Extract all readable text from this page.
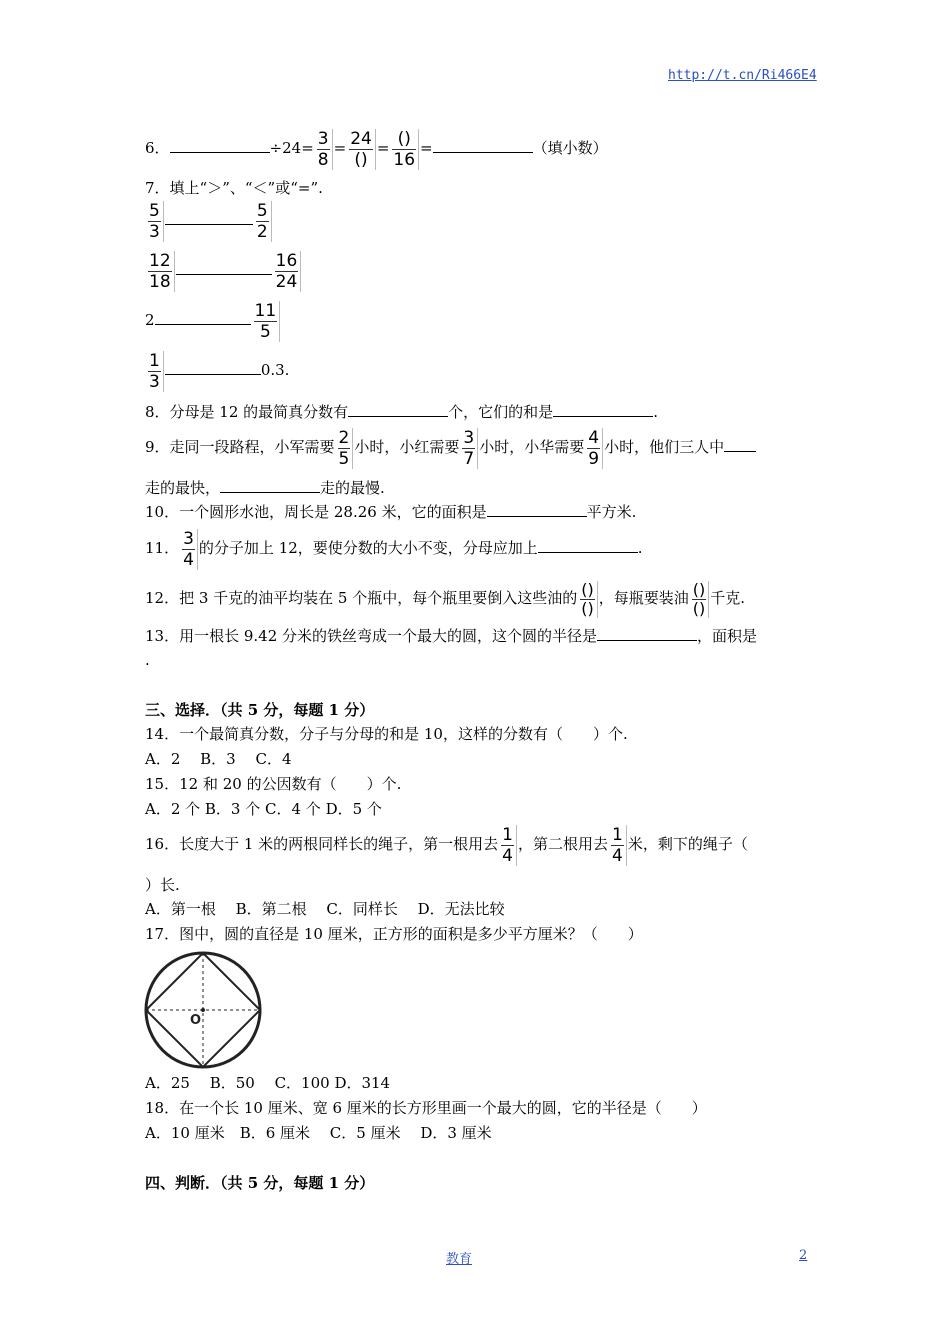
http://t.cn/Ri466E4
6．	$\div 24= \frac{3}{8} = \frac{24}{()} = \frac{()}{16}$ =	（填小数）
7．填上“＞”、“＜”或“=”.
$\frac{5}{3}$	$\frac{5}{2}$
$\frac{12}{18}$	$\frac{16}{24}$
2	$\frac{11}{5}$
$\frac{1}{3}$	0.3.
8．分母是 12 的最简真分数有	个，它们的和是	.
9．走同一段路程，小军需要 $\frac{2}{5}$ 小时，小红需要 $\frac{3}{7}$ 小时，小华需要 $\frac{4}{9}$ 小时，他们三人中
走的最快，	走的最慢.
10．一个圆形水池，周长是 28.26 米，它的面积是	平方米.
11． $\frac{3}{4}$ 的分子加上 12，要使分数的大小不变，分母应加上	.
12．把 3 千克的油平均装在 5 个瓶中，每个瓶里要倒入这些油的 $\frac{()}{()}$ ，每瓶要装油 $\frac{()}{()}$ 千克.
13．用一根长 9.42 分米的铁丝弯成一个最大的圆，这个圆的半径是	，面积是
.
三、选择．（共 5 分，每题 1 分）
14．一个最简真分数，分子与分母的和是 10，这样的分数有（　　）个.
A．2　 B．3　 C．4
15．12 和 20 的公因数有（　　）个.
A．2 个 B．3 个 C．4 个 D．5 个
16．长度大于 1 米的两根同样长的绳子，第一根用去 $\frac{1}{4}$ ，第二根用去 $\frac{1}{4}$ 米，剩下的绳子（
）长.
A．第一根　 B．第二根　 C．同样长　 D．无法比较
17．图中，圆的直径是 10 厘米，正方形的面积是多少平方厘米？（　　）
O
A．25　 B．50　 C．100 D．314
18．在一个长 10 厘米、宽 6 厘米的长方形里画一个最大的圆，它的半径是（　　）
A．10 厘米　B．6 厘米　 C．5 厘米　 D．3 厘米
四、判断．（共 5 分，每题 1 分）
教育	2
